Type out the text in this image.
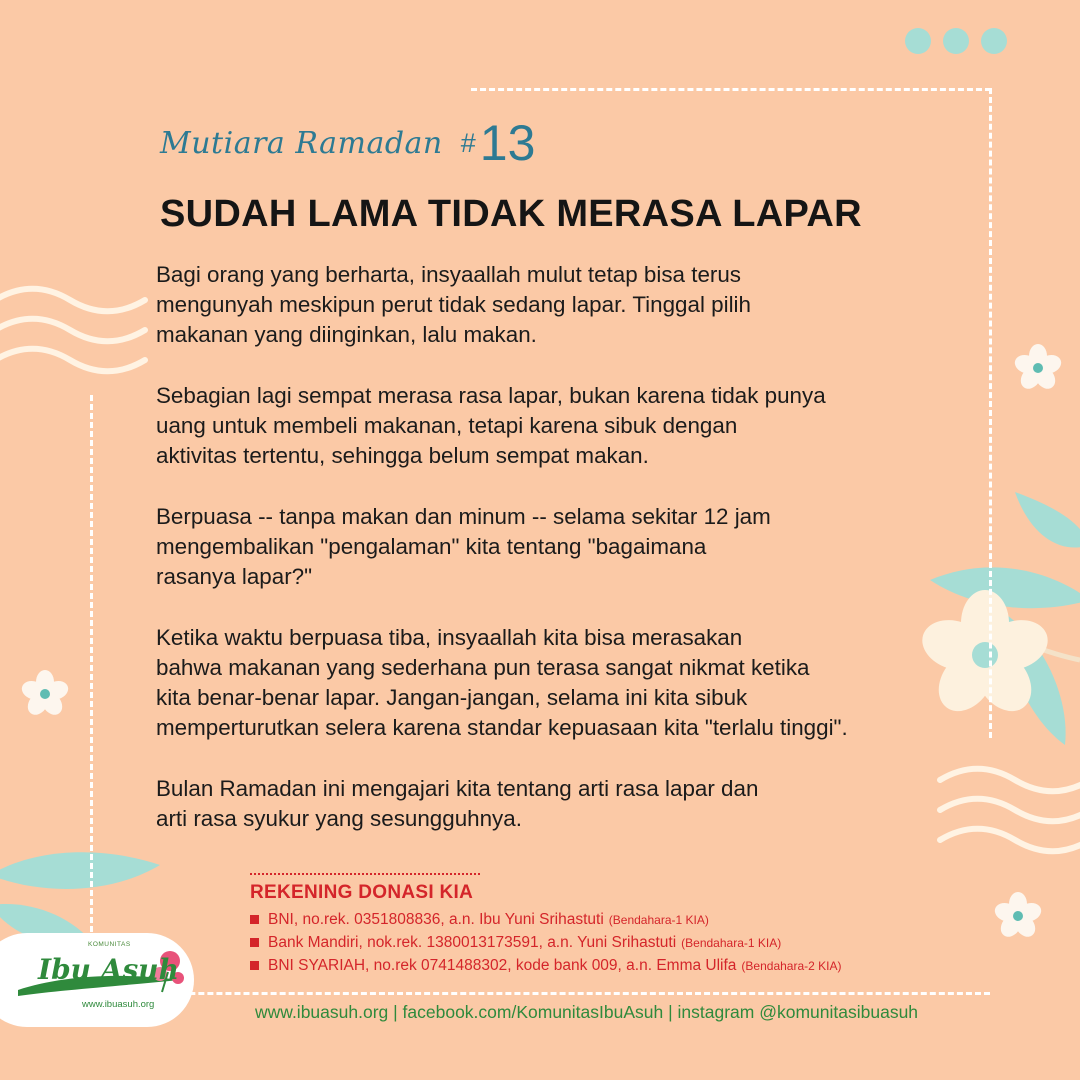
Mutiara Ramadan # 13
SUDAH LAMA TIDAK MERASA LAPAR

Bagi orang yang berharta, insyaallah mulut tetap bisa terus
mengunyah meskipun perut tidak sedang lapar. Tinggal pilih
makanan yang diinginkan, lalu makan.

Sebagian lagi sempat merasa rasa lapar, bukan karena tidak punya
uang untuk membeli makanan, tetapi karena sibuk dengan
aktivitas tertentu, sehingga belum sempat makan.

Berpuasa -- tanpa makan dan minum -- selama sekitar 12 jam
mengembalikan "pengalaman" kita tentang "bagaimana
rasanya lapar?"

Ketika waktu berpuasa tiba, insyaallah kita bisa merasakan
bahwa makanan yang sederhana pun terasa sangat nikmat ketika
kita benar-benar lapar. Jangan-jangan, selama ini kita sibuk
memperturutkan selera karena standar kepuasaan kita "terlalu tinggi".

Bulan Ramadan ini mengajari kita tentang arti rasa lapar dan
arti rasa syukur yang sesungguhnya.

REKENING DONASI KIA
BNI, no.rek. 0351808836, a.n. Ibu Yuni Srihastuti (Bendahara-1 KIA)
Bank Mandiri, nok.rek. 1380013173591, a.n. Yuni Srihastuti (Bendahara-1 KIA)
BNI SYARIAH, no.rek 0741488302, kode bank 009, a.n. Emma Ulifa (Bendahara-2 KIA)
KOMUNITAS
Ibu Asuh
www.ibuasuh.org	www.ibuasuh.org | facebook.com/KomunitasIbuAsuh | instagram @komunitasibuasuh
